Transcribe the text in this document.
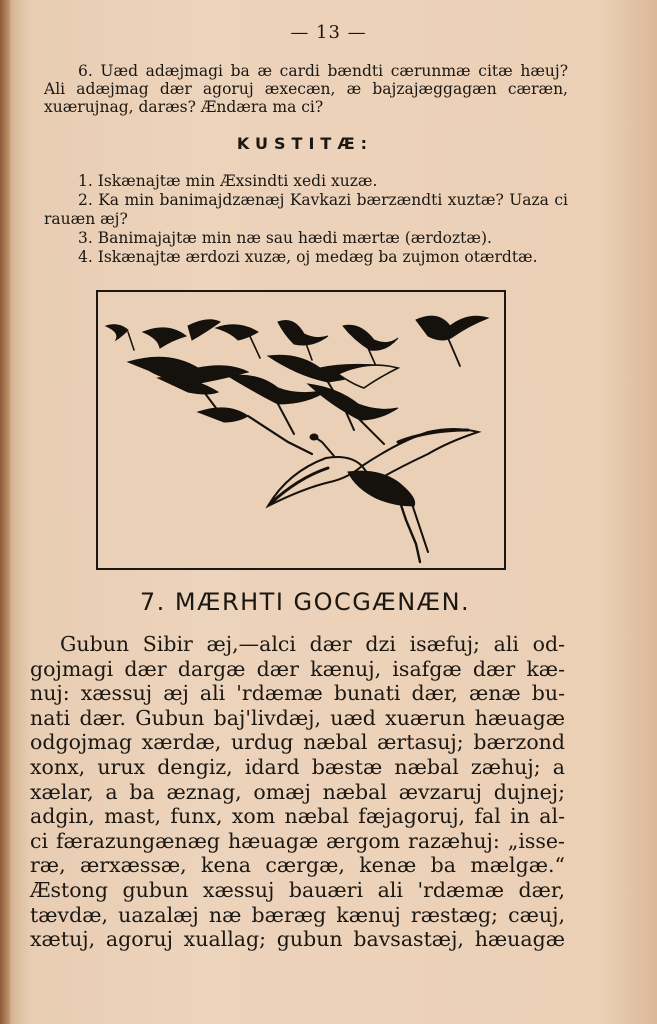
— 13 —

6. Uæd adæjmagi ba æ cardi bændti cærunmæ citæ hæuj? Ali adæjmag dær agoruj æxecæn, æ bajzajæggagæn cæræn, xuærujnag, daræs? Ændæra ma ci?

KUSTITÆ:

1. Iskænajtæ min Æxsindti xedi xuzæ.

2. Ka min banimajdzænæj Kavkazi bærzændti xuztæ? Uaza ci rauæn æj?

3. Banimajajtæ min næ sau hædi mærtæ (ærdoztæ).

4. Iskænajtæ ærdozi xuzæ, oj medæg ba zujmon otærdtæ.

7. MÆRHTI GOCGÆNÆN.
Gubun Sibir æj,—alci dær dzi isæfuj; ali od-
gojmagi dær dargæ dær kænuj, isafgæ dær kæ-
nuj: xæssuj æj ali 'rdæmæ bunati dær, ænæ bu-
nati dær. Gubun baj'livdæj, uæd xuærun hæuagæ
odgojmag xærdæ, urdug næbal ærtasuj; bærzond
xonx, urux dengiz, idard bæstæ næbal zæhuj; a
xælar, a ba æznag, omæj næbal ævzaruj dujnej;
adgin, mast, funx, xom næbal fæjagoruj, fal in al-
ci færazungænæg hæuagæ ærgom razæhuj: „isse-
ræ, ærxæssæ, kena cærgæ, kenæ ba mælgæ.“
Æstong gubun xæssuj bauæri ali 'rdæmæ dær,
tævdæ, uazalæj næ bæræg kænuj ræstæg; cæuj,
xætuj, agoruj xuallag; gubun bavsastæj, hæuagæ
